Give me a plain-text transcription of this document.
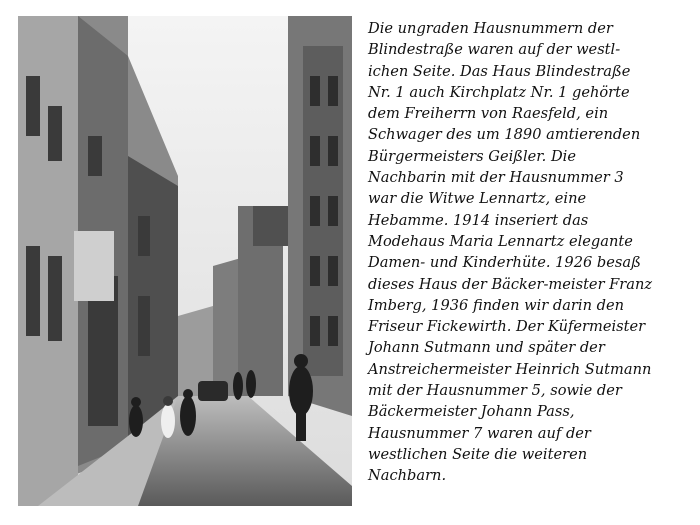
Die ungraden Hausnummern der
Blindestraße waren auf der westl-
ichen Seite. Das Haus Blindestraße
Nr. 1 auch Kirchplatz Nr. 1 gehörte
dem Freiherrn von Raesfeld, ein
Schwager des um 1890 amtierenden
Bürgermeisters Geißler. Die
Nachbarin mit der Hausnummer 3
war die Witwe Lennartz, eine
Hebamme. 1914 inseriert das
Modehaus Maria Lennartz elegante
Damen- und Kinderhüte. 1926 besaß
dieses Haus der Bäcker-meister Franz
Imberg, 1936 finden wir darin den
Friseur Fickewirth. Der Küfermeister
Johann Sutmann und später der
Anstreichermeister Heinrich Sutmann
mit der Hausnummer 5, sowie der
Bäckermeister Johann Pass,
Hausnummer 7 waren auf der
westlichen Seite die weiteren
Nachbarn.
